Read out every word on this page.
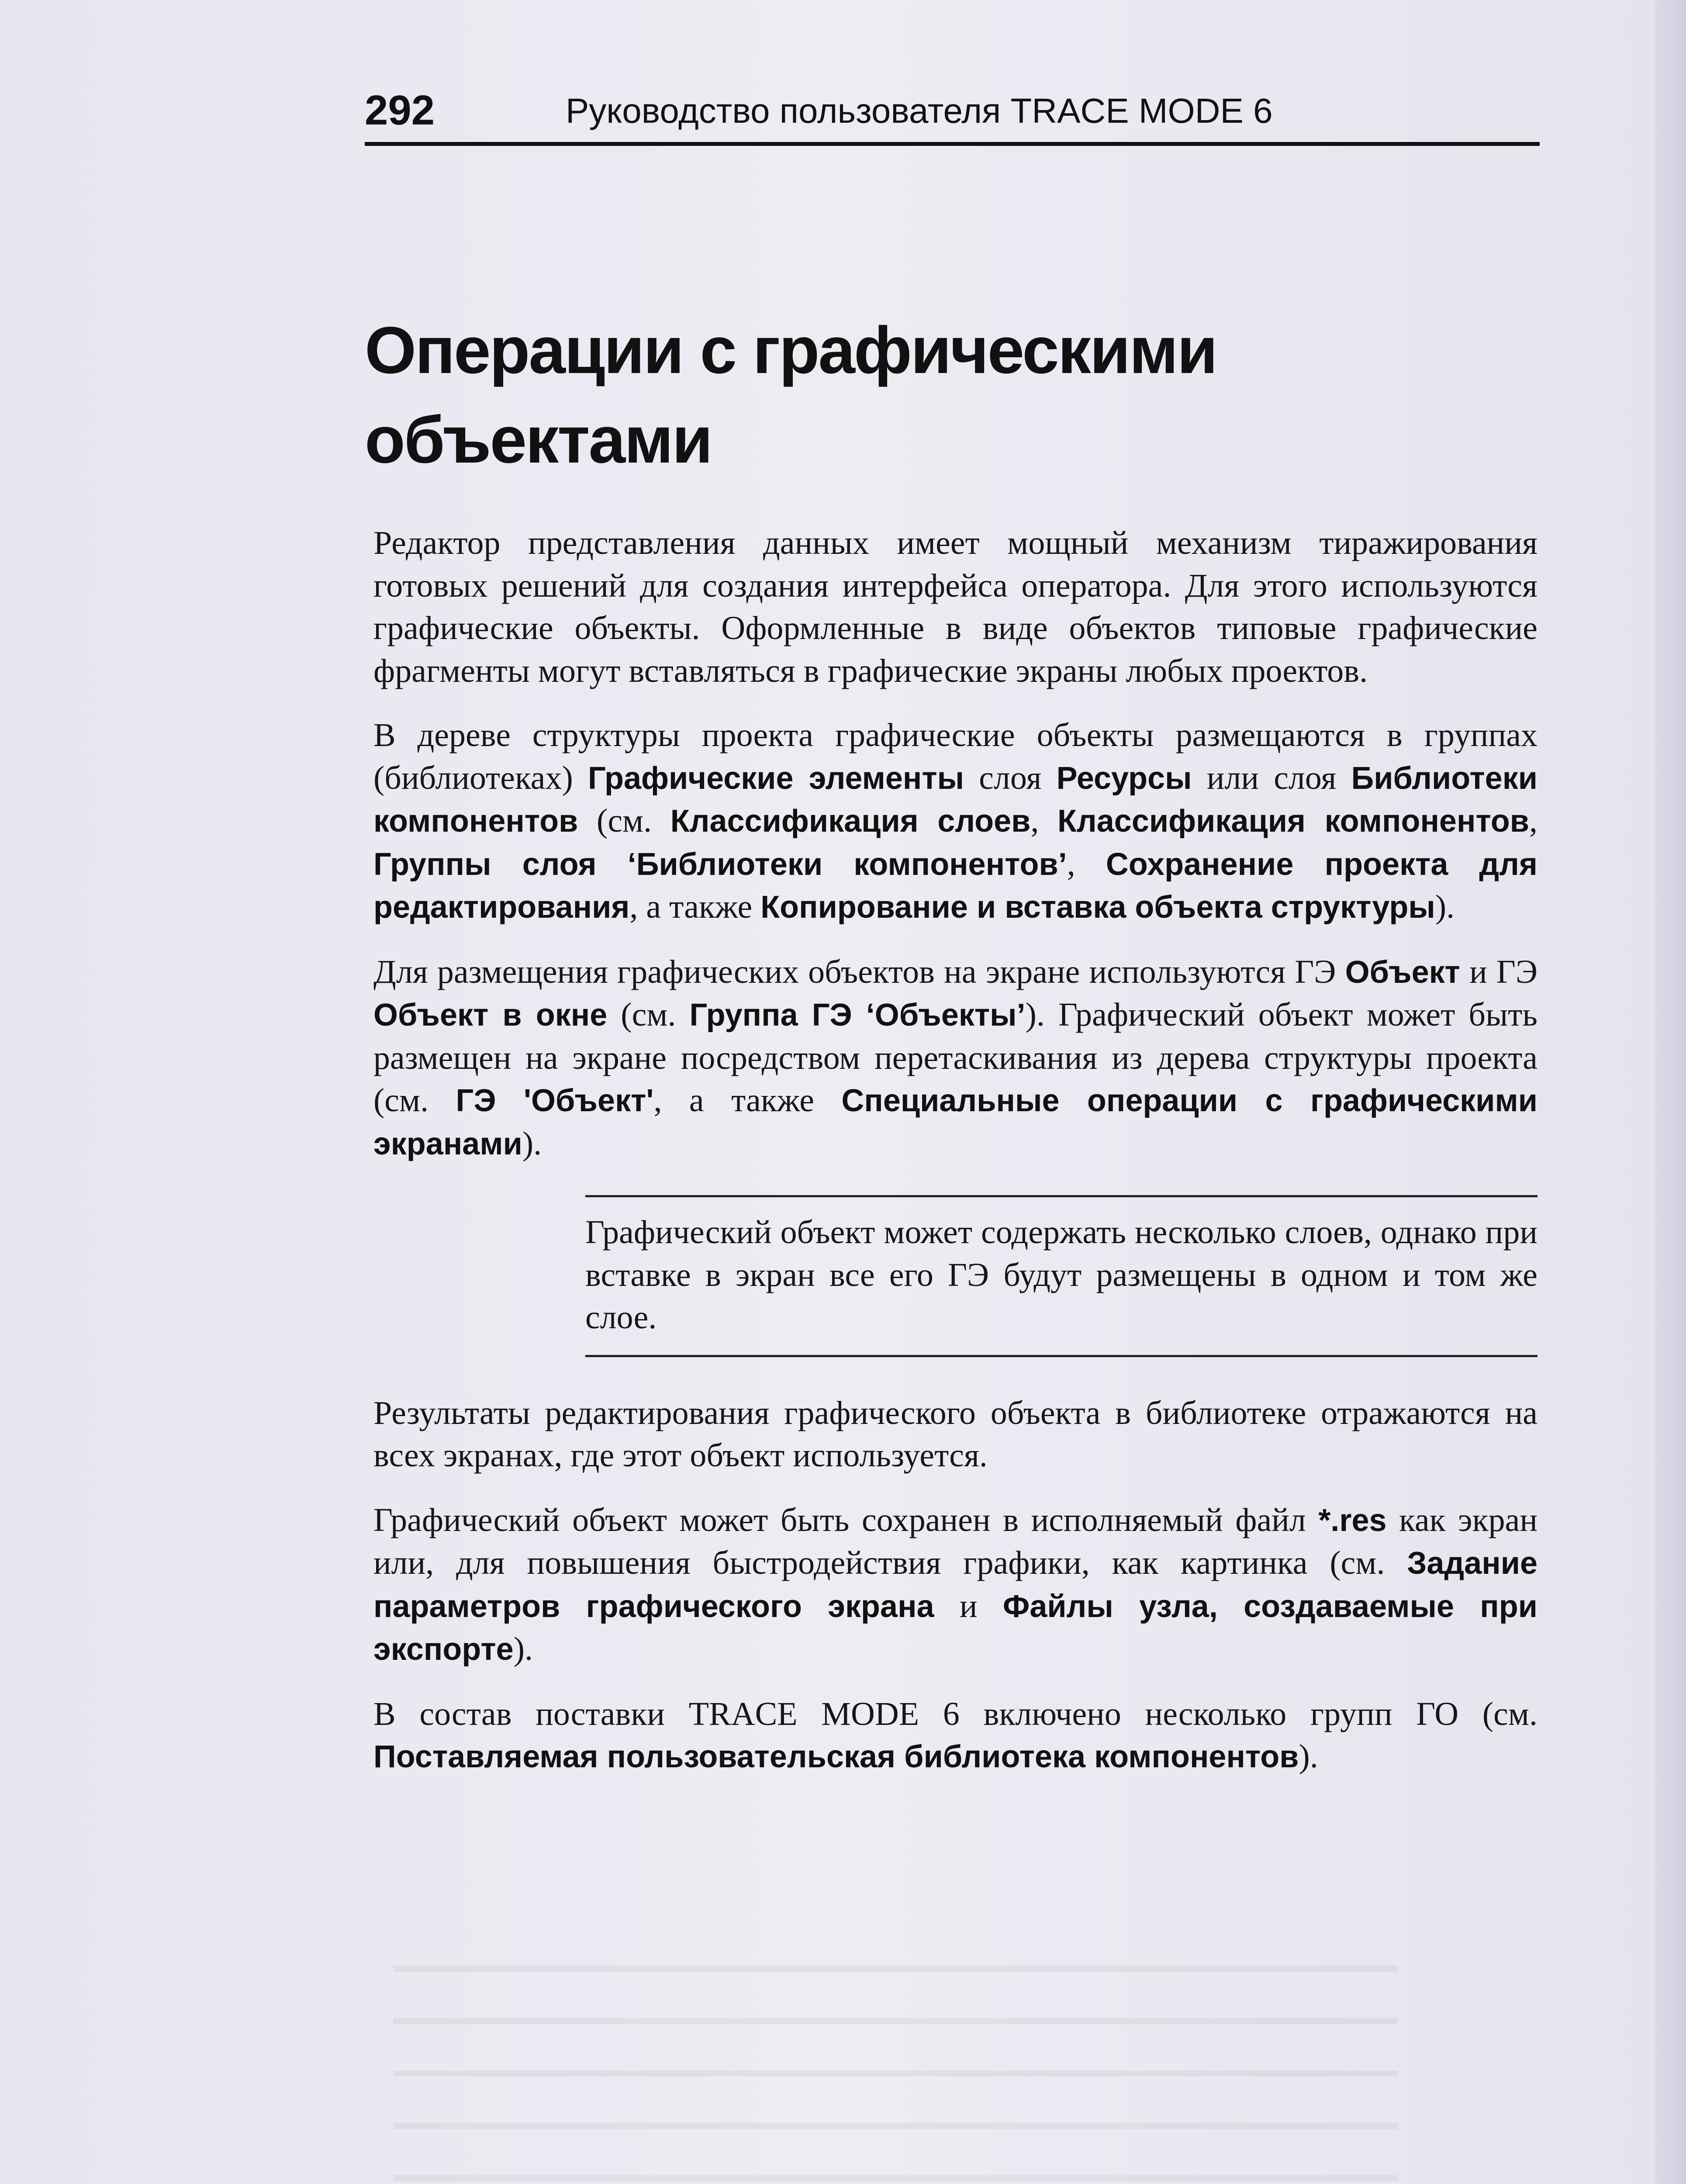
292	Руководство пользователя TRACE MODE 6
Операции с графическими объектами

Редактор представления данных имеет мощный механизм тиражирования готовых решений для создания интерфейса оператора. Для этого используются графические объекты. Оформленные в виде объектов типовые графические фрагменты могут вставляться в графические экраны любых проектов.

В дереве структуры проекта графические объекты размещаются в группах (библиотеках) Графические элементы слоя Ресурсы или слоя Библиотеки компонентов (см. Классификация слоев, Классификация компонентов, Группы слоя ‘Библиотеки компонентов’, Сохранение проекта для редактирования, а также Копирование и вставка объекта структуры).

Для размещения графических объектов на экране используются ГЭ Объект и ГЭ Объект в окне (см. Группа ГЭ ‘Объекты’). Графический объект может быть размещен на экране посредством перетаскивания из дерева структуры проекта (см. ГЭ 'Объект', а также Специальные операции с графическими экранами).

Графический объект может содержать несколько слоев, однако при вставке в экран все его ГЭ будут размещены в одном и том же слое.

Результаты редактирования графического объекта в библиотеке отражаются на всех экранах, где этот объект используется.

Графический объект может быть сохранен в исполняемый файл *.res как экран или, для повышения быстродействия графики, как картинка (см. Задание параметров графического экрана и Файлы узла, создаваемые при экспорте).

В состав поставки TRACE MODE 6 включено несколько групп ГО (см. Поставляемая пользовательская библиотека компонентов).
